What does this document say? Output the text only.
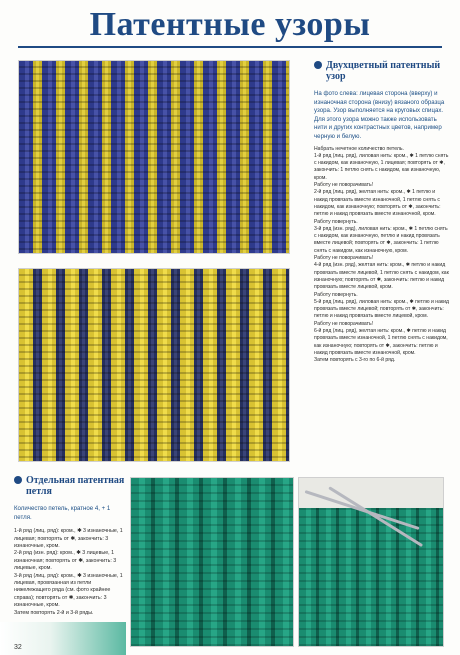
Патентные узоры
Двухцветный патентный узор
На фото слева: лицевая сторона (вверху) и изнаночная сторона (внизу) вязаного образца узора. Узор выполняется на круговых спицах. Для этого узора можно также использовать нити и других контрастных цветов, например черную и белую.

Набрать нечетное количество петель.

1-й ряд (лиц. ряд), лиловая нить: кром., ✱ 1 петлю снять с накидом, как изнаночную, 1 лицевая; повторять от ✱, закончить: 1 петлю снять с накидом, как изнаночную, кром.

Работу не поворачивать!

2-й ряд (лиц. ряд), желтая нить: кром., ✱ 1 петлю и накид провязать вместе изнаночной, 1 петлю снять с накидом, как изнаночную; повторять от ✱, закончить: петлю и накид провязать вместе изнаночной, кром.

Работу повернуть.

3-й ряд (изн. ряд), лиловая нить: кром., ✱ 1 петлю снять с накидом, как изнаночную, петлю и накид провязать вместе лицевой; повторять от ✱, закончить: 1 петлю снять с накидом, как изнаночную, кром.

Работу не поворачивать!

4-й ряд (изн. ряд), желтая нить: кром., ✱ петлю и накид провязать вместе лицевой, 1 петлю снять с накидом, как изнаночную; повторять от ✱, закончить: петлю и накид провязать вместе лицевой, кром.

Работу повернуть.

5-й ряд (лиц. ряд), лиловая нить: кром., ✱ петлю и накид провязать вместе лицевой; повторять от ✱, закончить: петлю и накид провязать вместе лицевой, кром.

Работу не поворачивать!

6-й ряд (лиц. ряд), желтая нить: кром., ✱ петлю и накид провязать вместе изнаночной, 1 петлю снять с накидом, как изнаночную; повторять от ✱, закончить: петлю и накид провязать вместе изнаночной, кром.

Затем повторять с 3-го по 6-й ряд.

Отдельная патентная петля
Количество петель, кратное 4, + 1 петля.

1-й ряд (лиц. ряд): кром., ✱ 3 изнаночные, 1 лицевая; повторять от ✱, закончить: 3 изнаночные, кром.

2-й ряд (изн. ряд): кром., ✱ 3 лицевые, 1 изнаночная; повторять от ✱, закончить: 3 лицевые, кром.

3-й ряд (лиц. ряд): кром., ✱ 3 изнаночные, 1 лицевая, провязанная из петли нижележащего ряда (см. фото крайнее справа); повторять от ✱, закончить: 3 изнаночные, кром.

Затем повторять 2-й и 3-й ряды.

32
